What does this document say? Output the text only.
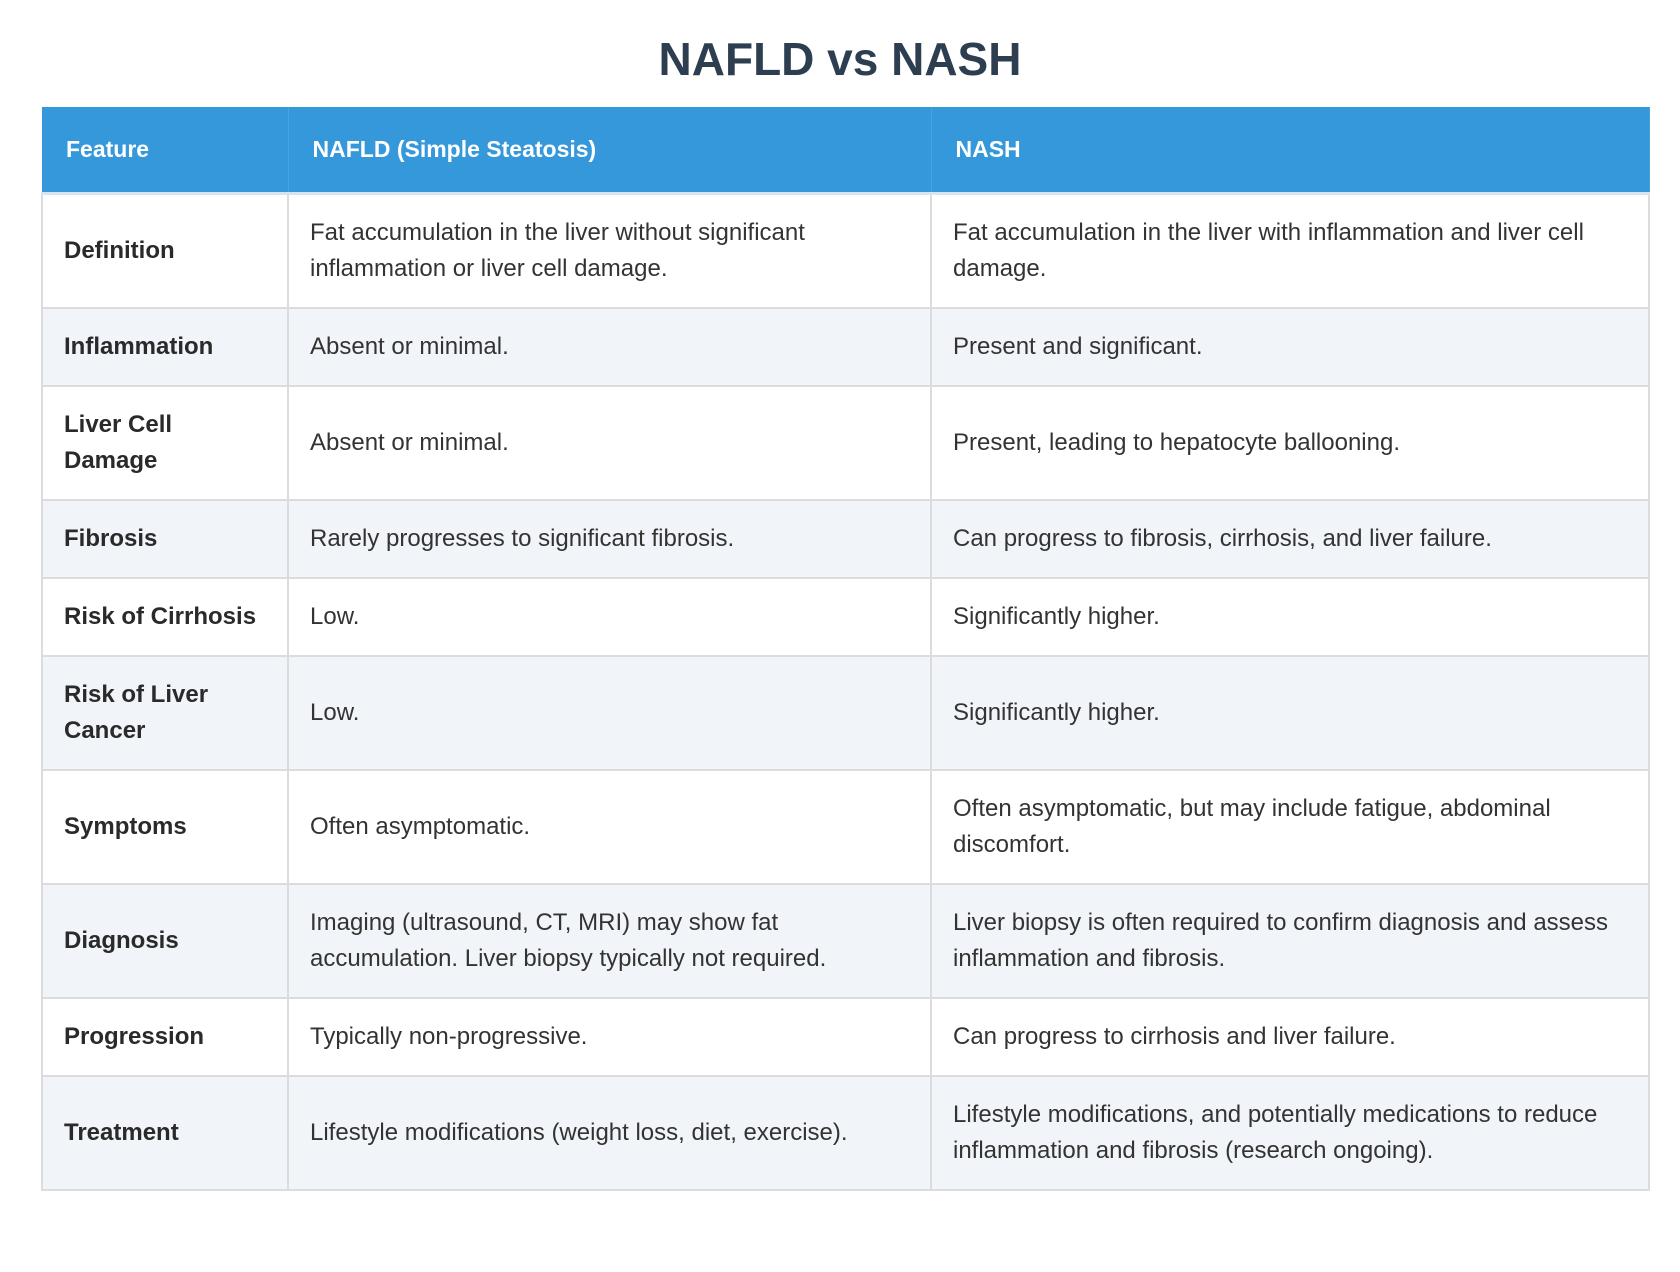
NAFLD vs NASH
Feature	NAFLD (Simple Steatosis)	NASH
Definition	Fat accumulation in the liver without significant inflammation or liver cell damage.	Fat accumulation in the liver with inflammation and liver cell damage.
Inflammation	Absent or minimal.	Present and significant.
Liver Cell Damage	Absent or minimal.	Present, leading to hepatocyte ballooning.
Fibrosis	Rarely progresses to significant fibrosis.	Can progress to fibrosis, cirrhosis, and liver failure.
Risk of Cirrhosis	Low.	Significantly higher.
Risk of Liver Cancer	Low.	Significantly higher.
Symptoms	Often asymptomatic.	Often asymptomatic, but may include fatigue, abdominal discomfort.
Diagnosis	Imaging (ultrasound, CT, MRI) may show fat accumulation. Liver biopsy typically not required.	Liver biopsy is often required to confirm diagnosis and assess inflammation and fibrosis.
Progression	Typically non-progressive.	Can progress to cirrhosis and liver failure.
Treatment	Lifestyle modifications (weight loss, diet, exercise).	Lifestyle modifications, and potentially medications to reduce inflammation and fibrosis (research ongoing).
